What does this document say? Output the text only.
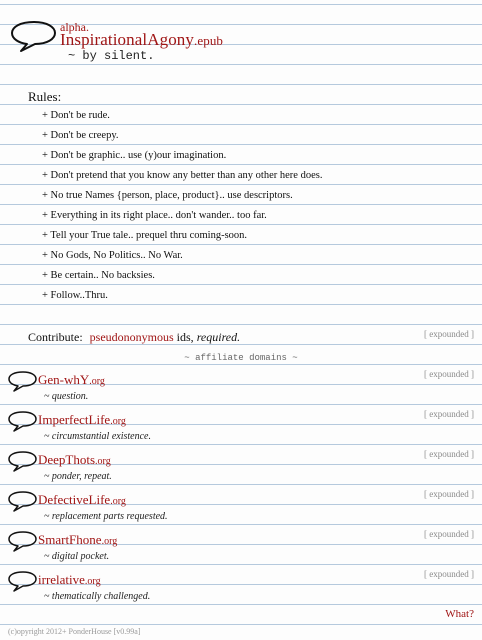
alpha.
InspirationalAgony.epub
~ by silent.
Rules:
+ Don't be rude.
+ Don't be creepy.
+ Don't be graphic.. use (y)our imagination.
+ Don't pretend that you know any better than any other here does.
+ No true Names {person, place, product}.. use descriptors.
+ Everything in its right place.. don't wander.. too far.
+ Tell your True tale.. prequel thru coming-soon.
+ No Gods, No Politics.. No War.
+ Be certain.. No backsies.
+ Follow..Thru.
Contribute: pseudononymous ids, required.	[ expounded ]
~ affiliate domains ~
Gen-whY.org
~ question.
[ expounded ]
ImperfectLife.org
~ circumstantial existence.
[ expounded ]
DeepThots.org
~ ponder, repeat.
[ expounded ]
DefectiveLife.org
~ replacement parts requested.
[ expounded ]
SmartFhone.org
~ digital pocket.
[ expounded ]
irrelative.org
~ thematically challenged.
[ expounded ]
What?
(c)opyright 2012+ PonderHouse [v0.99a]
